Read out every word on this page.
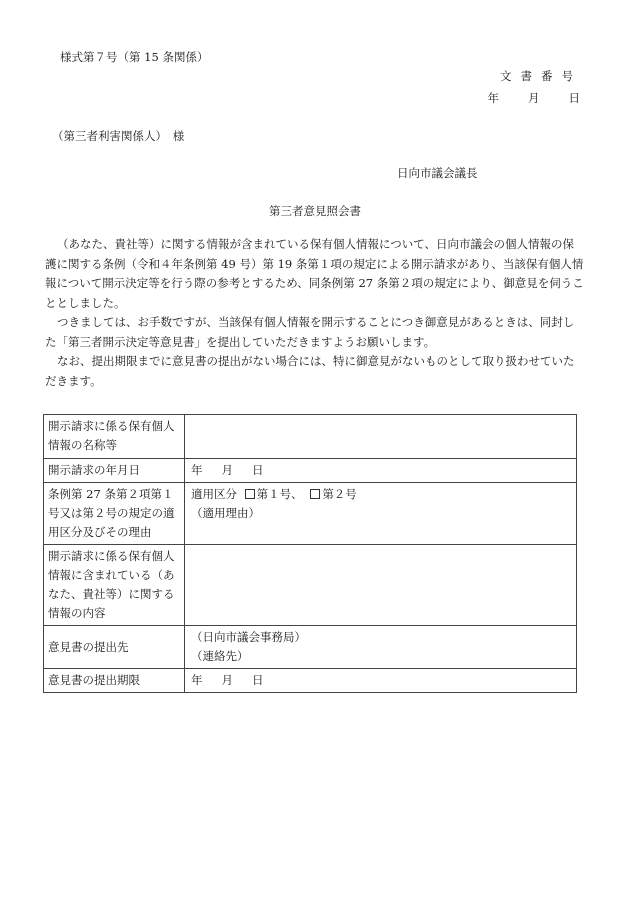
様式第７号（第 15 条関係）
文書番号
年　　月　　日
（第三者利害関係人）　様
日向市議会議長
第三者意見照会書

（あなた、貴社等）に関する情報が含まれている保有個人情報について、日向市議会の個人情報の保護に関する条例（令和４年条例第 49 号）第 19 条第１項の規定による開示請求があり、当該保有個人情報について開示決定等を行う際の参考とするため、同条例第 27 条第２項の規定により、御意見を伺うこととしました。

つきましては、お手数ですが、当該保有個人情報を開示することにつき御意見があるときは、同封した「第三者開示決定等意見書」を提出していただきますようお願いします。

なお、提出期限までに意見書の提出がない場合には、特に御意見がないものとして取り扱わせていただきます。

開示請求に係る保有個人情報の名称等	
開示請求の年月日	年 月 日
条例第 27 条第２項第１号又は第２号の規定の適用区分及びその理由	適用区分 第１号、 第２号
（適用理由）

開示請求に係る保有個人情報に含まれている（あなた、貴社等）に関する情報の内容	
意見書の提出先	（日向市議会事務局）
（連絡先）

意見書の提出期限	年 月 日
